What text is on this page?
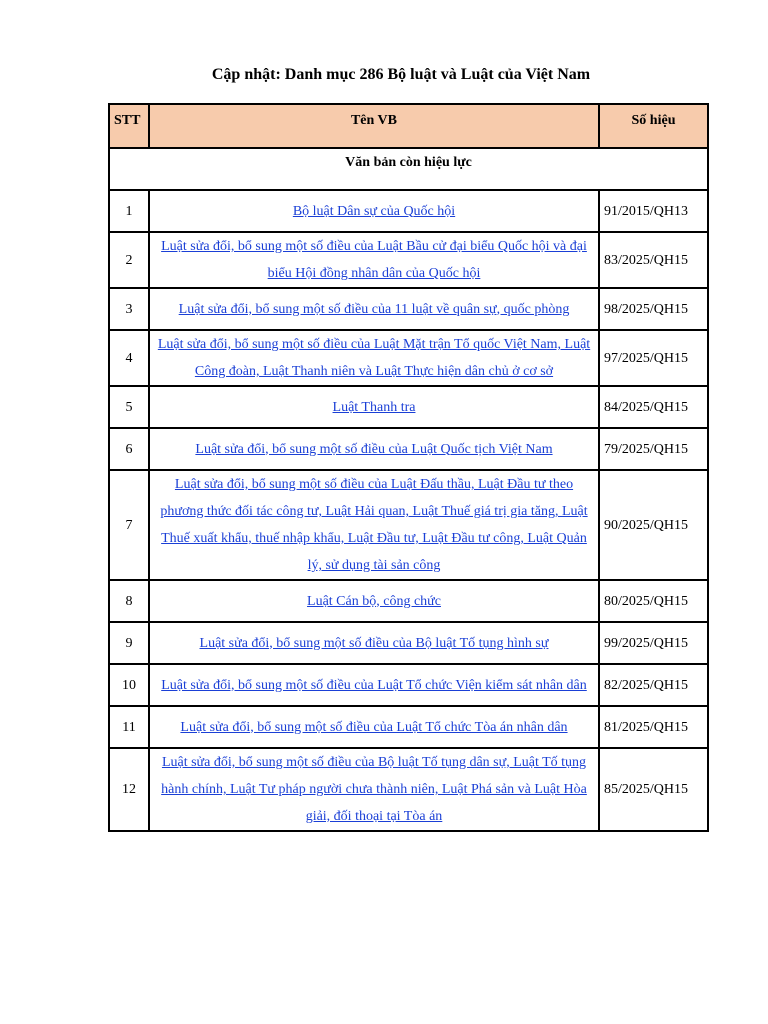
Cập nhật: Danh mục 286 Bộ luật và Luật của Việt Nam
STT	Tên VB	Số hiệu
Văn bản còn hiệu lực		
1	Bộ luật Dân sự của Quốc hội	91/2015/QH13
2	Luật sửa đổi, bổ sung một số điều của Luật Bầu cử đại biểu Quốc hội và đại biểu Hội đồng nhân dân của Quốc hội	83/2025/QH15
3	Luật sửa đổi, bổ sung một số điều của 11 luật về quân sự, quốc phòng	98/2025/QH15
4	Luật sửa đổi, bổ sung một số điều của Luật Mặt trận Tổ quốc Việt Nam, Luật Công đoàn, Luật Thanh niên và Luật Thực hiện dân chủ ở cơ sở	97/2025/QH15
5	Luật Thanh tra	84/2025/QH15
6	Luật sửa đổi, bổ sung một số điều của Luật Quốc tịch Việt Nam	79/2025/QH15
7	Luật sửa đổi, bổ sung một số điều của Luật Đấu thầu, Luật Đầu tư theo phương thức đối tác công tư, Luật Hải quan, Luật Thuế giá trị gia tăng, Luật Thuế xuất khẩu, thuế nhập khẩu, Luật Đầu tư, Luật Đầu tư công, Luật Quản lý, sử dụng tài sản công	90/2025/QH15
8	Luật Cán bộ, công chức	80/2025/QH15
9	Luật sửa đổi, bổ sung một số điều của Bộ luật Tố tụng hình sự	99/2025/QH15
10	Luật sửa đổi, bổ sung một số điều của Luật Tổ chức Viện kiểm sát nhân dân	82/2025/QH15
11	Luật sửa đổi, bổ sung một số điều của Luật Tổ chức Tòa án nhân dân	81/2025/QH15
12	Luật sửa đổi, bổ sung một số điều của Bộ luật Tố tụng dân sự, Luật Tố tụng hành chính, Luật Tư pháp người chưa thành niên, Luật Phá sản và Luật Hòa giải, đối thoại tại Tòa án	85/2025/QH15
